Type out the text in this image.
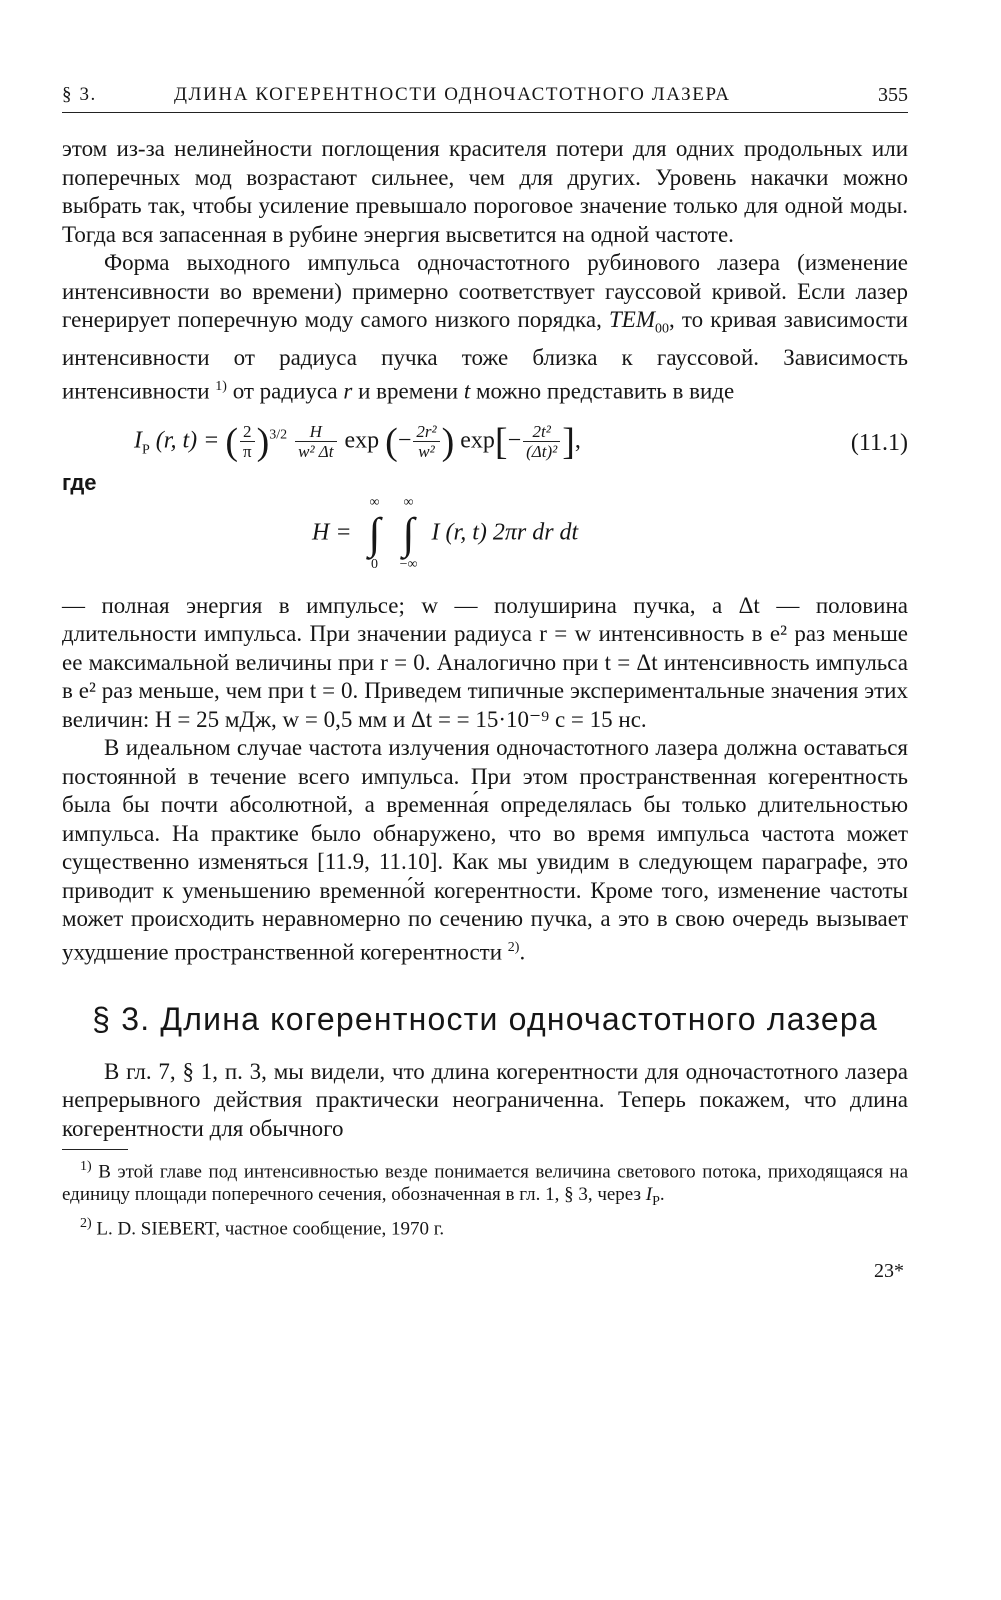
§ 3.	ДЛИНА КОГЕРЕНТНОСТИ ОДНОЧАСТОТНОГО ЛАЗЕРА	355

этом из-за нелинейности поглощения красителя потери для одних продольных или поперечных мод возрастают сильнее, чем для других. Уровень накачки можно выбрать так, чтобы усиление превышало пороговое значение только для одной моды. Тогда вся запасенная в рубине энергия высветится на одной частоте.

Форма выходного импульса одночастотного рубинового лазера (изменение интенсивности во времени) примерно соответствует гауссовой кривой. Если лазер генерирует поперечную моду самого низкого порядка, $TEM_{00}$, то кривая зависимости интенсивности от радиуса пучка тоже близка к гауссовой. Зависимость интенсивности $^{1)}$ от радиуса r и времени t можно представить в виде

$I_P$ (r, t) = ( $\frac{2}{\pi} )^{3/2} \frac{H}{\text{w² Δt}}$ exp (− $\frac{\text{2r²}}{\text{w²}}$ ) $\exp[- \frac{\text{2t²}}{\text{(Δt)²}}$ ],	(11.1)
где
H =
∞
∫
0
∞
∫
−∞
I (r, t) 2πr dr dt

— полная энергия в импульсе; w — полуширина пучка, а Δt — половина длительности импульса. При значении радиуса r = w интенсивность в e² раз меньше ее максимальной величины при r = 0. Аналогично при t = Δt интенсивность импульса в e² раз меньше, чем при t = 0. Приведем типичные экспериментальные значения этих величин: H = 25 мДж, w = 0,5 мм и Δt = = 15·10⁻⁹ с = 15 нс.

В идеальном случае частота излучения одночастотного лазера должна оставаться постоянной в течение всего импульса. При этом пространственная когерентность была бы почти абсолютной, а временна́я определялась бы только длительностью импульса. На практике было обнаружено, что во время импульса частота может существенно изменяться [11.9, 11.10]. Как мы увидим в следующем параграфе, это приводит к уменьшению временно́й когерентности. Кроме того, изменение частоты может происходить неравномерно по сечению пучка, а это в свою очередь вызывает ухудшение пространственной когерентности $^{2)}$.

§ 3. Длина когерентности одночастотного лазера

В гл. 7, § 1, п. 3, мы видели, что длина когерентности для одночастотного лазера непрерывного действия практически неограниченна. Теперь покажем, что длина когерентности для обычного

$^{1)}$ В этой главе под интенсивностью везде понимается величина светового потока, приходящаяся на единицу площади поперечного сечения, обозначенная в гл. 1, § 3, через $I_P$.
$^{2)}$ L. D. SIEBERT, частное сообщение, 1970 г.
23*
